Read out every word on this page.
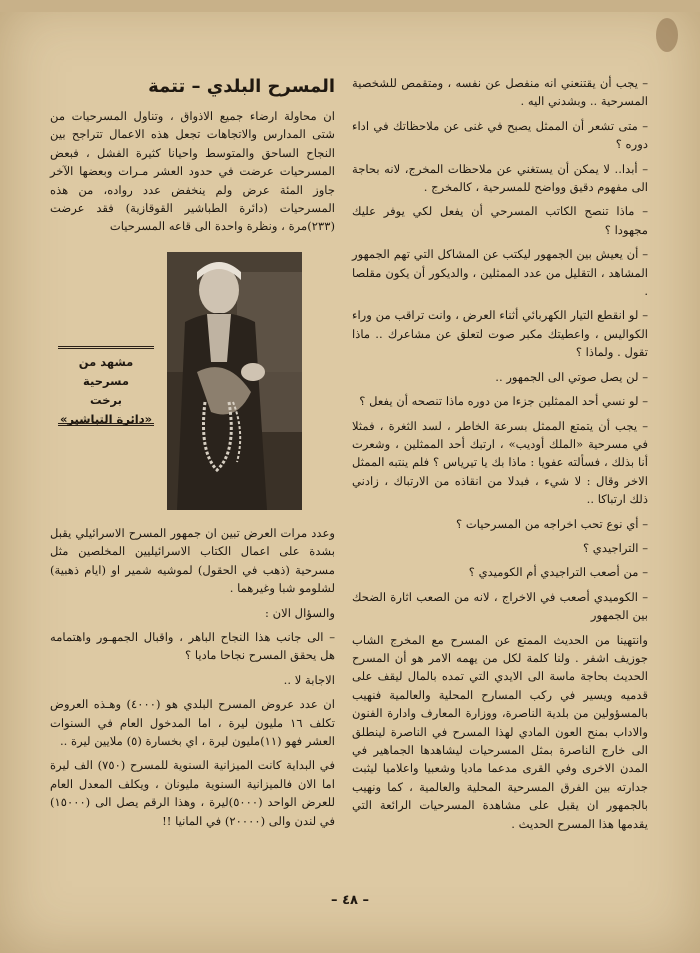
– يجب أن يقتنعني انه منفصل عن نفسه ، ومتقمص للشخصية المسرحية .. وبشدني اليه .

– متى تشعر أن الممثل يصبح في غنى عن ملاحظاتك في اداء دوره ؟

– أبدا.. لا يمكن أن يستغني عن ملاحظات المخرج، لانه بحاجة الى مفهوم دقيق وواضح للمسرحية ، كالمخرج .

– ماذا تنصح الكاتب المسرحي أن يفعل لكي يوفر عليك مجهودا ؟

– أن يعيش بين الجمهور ليكتب عن المشاكل التي تهم الجمهور المشاهد ، التقليل من عدد الممثلين ، والديكور أن يكون مقلصا .

– لو انقطع التيار الكهربائي أثناء العرض ، وانت تراقب من وراء الكواليس ، واعطيتك مكبر صوت لتعلق عن مشاعرك .. ماذا تقول . ولماذا ؟

– لن يصل صوتي الى الجمهور ..

– لو نسي أحد الممثلين جزءا من دوره ماذا تنصحه أن يفعل ؟

– يجب أن يتمتع الممثل بسرعة الخاطر ، لسد الثغرة ، فمثلا في مسرحية «الملك أوديب» ، ارتبك أحد الممثلين ، وشعرت أنا بذلك ، فسألته عفويا : ماذا بك يا تيرياس ؟ فلم ينتبه الممثل الاخر وقال : لا شيء ، فبدلا من انقاذه من الارتباك ، زادني ذلك ارتباكا ..

– أي نوع تحب اخراجه من المسرحيات ؟

– التراجيدي ؟

– من أصعب التراجيدي أم الكوميدي ؟

– الكوميدي أصعب في الاخراج ، لانه من الصعب اثارة الضحك بين الجمهور

وانتهينا من الحديث الممتع عن المسرح مع المخرج الشاب جوزيف اشفر . ولنا كلمة لكل من يهمه الامر هو أن المسرح الحديث بحاجة ماسة الى الايدي التي تمده بالمال ليقف على قدميه ويسير في ركب المسارح المحلية والعالمية فنهيب بالمسؤولين من بلدية الناصرة، ووزارة المعارف وادارة الفنون والاداب بمنح العون المادي لهذا المسرح في الناصرة لينطلق الى خارج الناصرة بمثل المسرحيات ليشاهدها الجماهير في المدن الاخرى وفي القرى مدعما ماديا وشعبيا واعلاميا ليثبت جدارته بين الفرق المسرحية المحلية والعالمية ، كما ونهيب بالجمهور ان يقبل على مشاهدة المسرحيات الرائعة التي يقدمها هذا المسرح الحديث .

المسرح البلدي – تتمة

ان محاولة ارضاء جميع الاذواق ، وتناول المسرحيات من شتى المدارس والاتجاهات تجعل هذه الاعمال تتراجح بين النجاح الساحق والمتوسط واحيانا كثيرة الفشل ، فبعض المسرحيات عرضت في حدود العشر مـرات وبعضها الآخر جاوز المئة عرض ولم ينخفض عدد رواده، من هذه المسرحيات (دائرة الطباشير القوقازية) فقد عرضت (٢٣٣)مرة ، ونظرة واحدة الى قاعه المسرحيات

مشهد من مسرحية
برخت
«دائرة التباشير»

وعدد مرات العرض تبين ان جمهور المسرح الاسرائيلي يقبل بشدة على اعمال الكتاب الاسرائيليين المخلصين مثل مسرحية (ذهب في الحقول) لموشيه شمير او (ايام ذهبية) لشلومو شبا وغيرهما .

والسؤال الان :

– الى جانب هذا النجاح الباهر ، واقبال الجمهـور واهتمامه هل يحقق المسرح نجاحا ماديا ؟

الاجابة لا ..

ان عدد عروض المسرح البلدي هو (٤٠٠٠) وهـذه العروض تكلف ١٦ مليون ليرة ، اما المدخول العام في السنوات العشر فهو (١١)مليون ليرة ، اي بخسارة (٥) ملايين ليرة ..

في البداية كانت الميزانية السنوية للمسرح (٧٥٠) الف ليرة اما الان فالميزانية السنوية مليونان ، ويكلف المعدل العام للعرض الواحد (٥٠٠٠)ليرة ، وهذا الرقم يصل الى (١٥٠٠٠) في لندن والى (٢٠٠٠٠) في المانيا !!

– ٤٨ –
